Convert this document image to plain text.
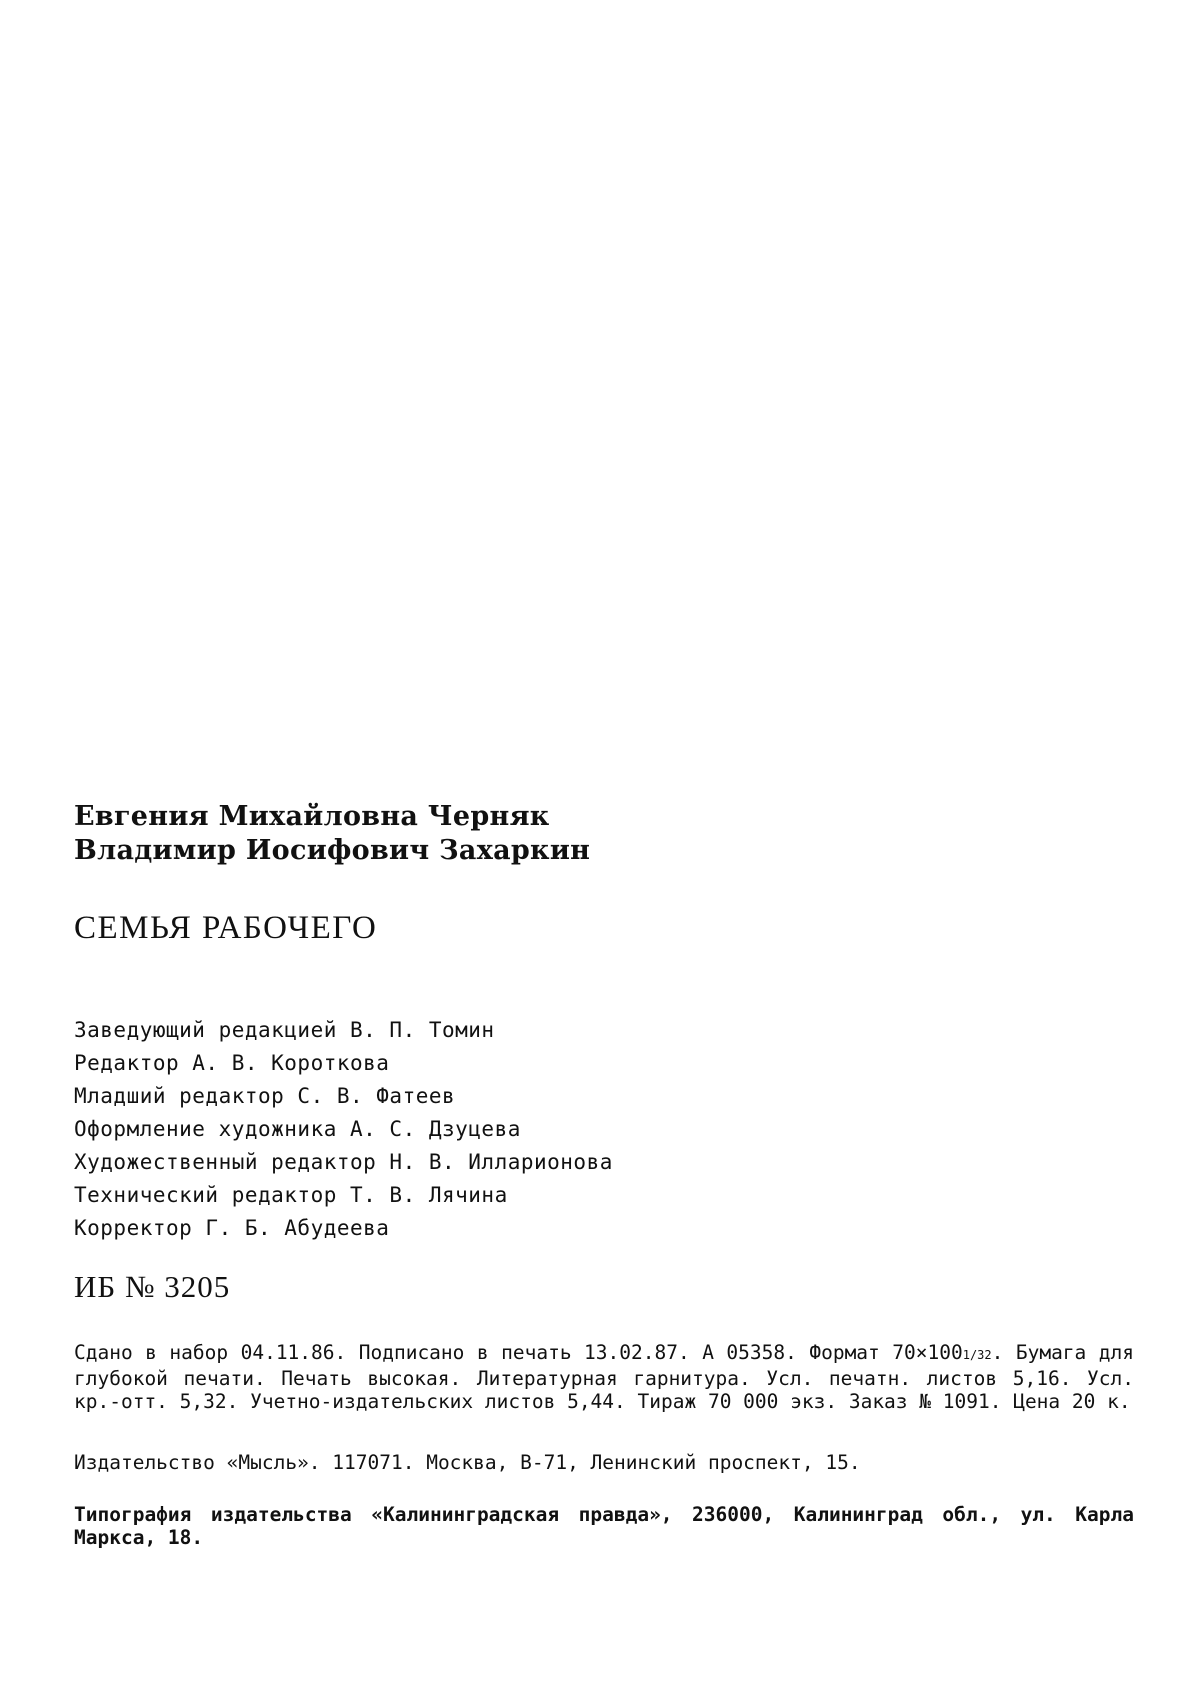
Евгения Михайловна Черняк
Владимир Иосифович Захаркин
СЕМЬЯ РАБОЧЕГО
Заведующий редакцией В. П. Томин
Редактор А. В. Короткова
Младший редактор С. В. Фатеев
Оформление художника А. С. Дзуцева
Художественный редактор Н. В. Илларионова
Технический редактор Т. В. Лячина
Корректор Г. Б. Абудеева
ИБ № 3205
Сдано в набор 04.11.86. Подписано в печать 13.02.87. А 05358. Формат 70×1001/32. Бумага для глубокой печати. Печать высокая. Литературная гарнитура. Усл. печатн. листов 5,16. Усл. кр.-отт. 5,32. Учетно-издательских листов 5,44. Тираж 70 000 экз. Заказ № 1091. Цена 20 к.
Издательство «Мысль». 117071. Москва, В-71, Ленинский проспект, 15.
Типография издательства «Калининградская правда», 236000, Калининград обл., ул. Карла Маркса, 18.
